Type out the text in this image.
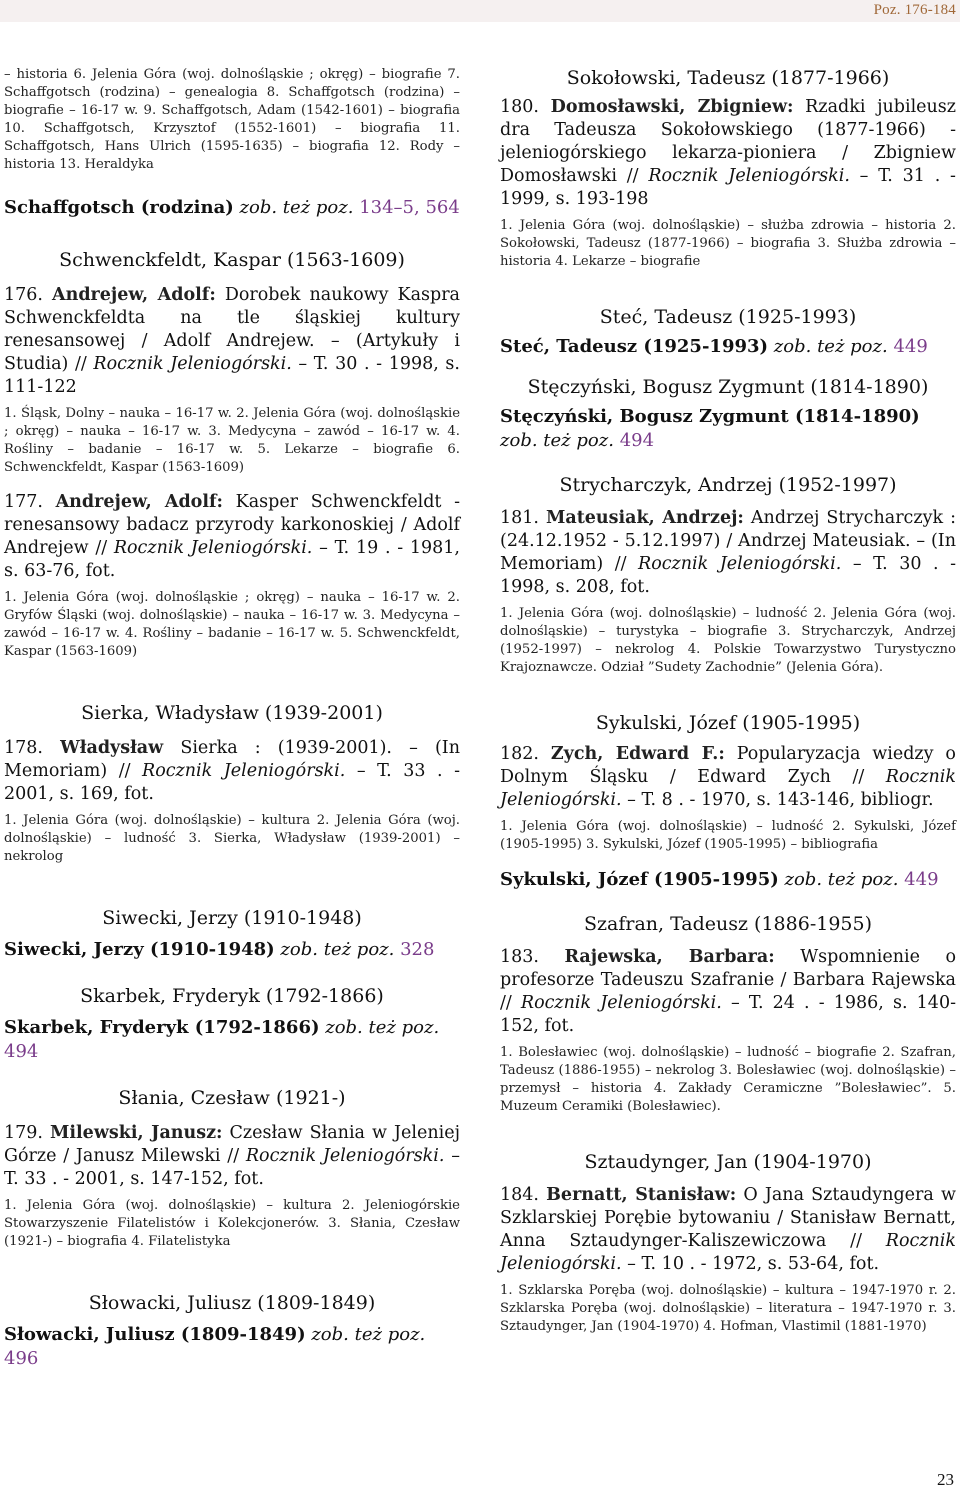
Poz. 176-184

– historia 6. Jelenia Góra (woj. dolnośląskie ; okręg) – biografie 7. Schaffgotsch (rodzina) – genealogia 8. Schaffgotsch (rodzina) – biografie – 16-17 w. 9. Schaffgotsch, Adam (1542-1601) – biografia 10. Schaffgotsch, Krzysztof (1552-1601) – biografia 11. Schaffgotsch, Hans Ulrich (1595-1635) – biografia 12. Rody – historia 13. Heraldyka

Schaffgotsch (rodzina) zob. też poz. 134–5, 564

Schwenckfeldt, Kaspar (1563-1609)

176. Andrejew, Adolf: Dorobek naukowy Kaspra Schwenckfeldta na tle śląskiej kultury renesansowej / Adolf Andrejew. – (Artykuły i Studia) // Rocznik Jeleniogórski. – T. 30 . - 1998, s. 111-122

1. Śląsk, Dolny – nauka – 16-17 w. 2. Jelenia Góra (woj. dolnośląskie ; okręg) – nauka – 16-17 w. 3. Medycyna – zawód – 16-17 w. 4. Rośliny – badanie – 16-17 w. 5. Lekarze – biografie 6. Schwenckfeldt, Kaspar (1563-1609)

177. Andrejew, Adolf: Kasper Schwenckfeldt - renesansowy badacz przyrody karkonoskiej / Adolf Andrejew // Rocznik Jeleniogórski. – T. 19 . - 1981, s. 63-76, fot.

1. Jelenia Góra (woj. dolnośląskie ; okręg) – nauka – 16-17 w. 2. Gryfów Śląski (woj. dolnośląskie) – nauka – 16-17 w. 3. Medycyna – zawód – 16-17 w. 4. Rośliny – badanie – 16-17 w. 5. Schwenckfeldt, Kaspar (1563-1609)

Sierka, Władysław (1939-2001)

178. Władysław Sierka : (1939-2001). – (In Memoriam) // Rocznik Jeleniogórski. – T. 33 . - 2001, s. 169, fot.

1. Jelenia Góra (woj. dolnośląskie) – kultura 2. Jelenia Góra (woj. dolnośląskie) – ludność 3. Sierka, Władysław (1939-2001) – nekrolog

Siwecki, Jerzy (1910-1948)

Siwecki, Jerzy (1910-1948) zob. też poz. 328

Skarbek, Fryderyk (1792-1866)

Skarbek, Fryderyk (1792-1866) zob. też poz. 494

Słania, Czesław (1921-)

179. Milewski, Janusz: Czesław Słania w Jeleniej Górze / Janusz Milewski // Rocznik Jeleniogórski. – T. 33 . - 2001, s. 147-152, fot.

1. Jelenia Góra (woj. dolnośląskie) – kultura 2. Jeleniogórskie Stowarzyszenie Filatelistów i Kolekcjonerów. 3. Słania, Czesław (1921-) – biografia 4. Filatelistyka

Słowacki, Juliusz (1809-1849)

Słowacki, Juliusz (1809-1849) zob. też poz. 496

Sokołowski, Tadeusz (1877-1966)

180. Domosławski, Zbigniew: Rzadki jubileusz dra Tadeusza Sokołowskiego (1877-1966) - jeleniogórskiego lekarza-pioniera / Zbigniew Domosławski // Rocznik Jeleniogórski. – T. 31 . - 1999, s. 193-198

1. Jelenia Góra (woj. dolnośląskie) – służba zdrowia – historia 2. Sokołowski, Tadeusz (1877-1966) – biografia 3. Służba zdrowia – historia 4. Lekarze – biografie

Steć, Tadeusz (1925-1993)

Steć, Tadeusz (1925-1993) zob. też poz. 449

Stęczyński, Bogusz Zygmunt (1814-1890)

Stęczyński, Bogusz Zygmunt (1814-1890) zob. też poz. 494

Strycharczyk, Andrzej (1952-1997)

181. Mateusiak, Andrzej: Andrzej Strycharczyk : (24.12.1952 - 5.12.1997) / Andrzej Mateusiak. – (In Memoriam) // Rocznik Jeleniogórski. – T. 30 . - 1998, s. 208, fot.

1. Jelenia Góra (woj. dolnośląskie) – ludność 2. Jelenia Góra (woj. dolnośląskie) – turystyka – biografie 3. Strycharczyk, Andrzej (1952-1997) – nekrolog 4. Polskie Towarzystwo Turystyczno Krajoznawcze. Odział ”Sudety Zachodnie” (Jelenia Góra).

Sykulski, Józef (1905-1995)

182. Zych, Edward F.: Popularyzacja wiedzy o Dolnym Śląsku / Edward Zych // Rocznik Jeleniogórski. – T. 8 . - 1970, s. 143-146, bibliogr.

1. Jelenia Góra (woj. dolnośląskie) – ludność 2. Sykulski, Józef (1905-1995) 3. Sykulski, Józef (1905-1995) – bibliografia

Sykulski, Józef (1905-1995) zob. też poz. 449

Szafran, Tadeusz (1886-1955)

183. Rajewska, Barbara: Wspomnienie o profesorze Tadeuszu Szafranie / Barbara Rajewska // Rocznik Jeleniogórski. – T. 24 . - 1986, s. 140-152, fot.

1. Bolesławiec (woj. dolnośląskie) – ludność – biografie 2. Szafran, Tadeusz (1886-1955) – nekrolog 3. Bolesławiec (woj. dolnośląskie) – przemysł – historia 4. Zakłady Ceramiczne ”Bolesławiec”. 5. Muzeum Ceramiki (Bolesławiec).

Sztaudynger, Jan (1904-1970)

184. Bernatt, Stanisław: O Jana Sztaudyngera w Szklarskiej Porębie bytowaniu / Stanisław Bernatt, Anna Sztaudynger-Kaliszewiczowa // Rocznik Jeleniogórski. – T. 10 . - 1972, s. 53-64, fot.

1. Szklarska Poręba (woj. dolnośląskie) – kultura – 1947-1970 r. 2. Szklarska Poręba (woj. dolnośląskie) – literatura – 1947-1970 r. 3. Sztaudynger, Jan (1904-1970) 4. Hofman, Vlastimil (1881-1970)

23
